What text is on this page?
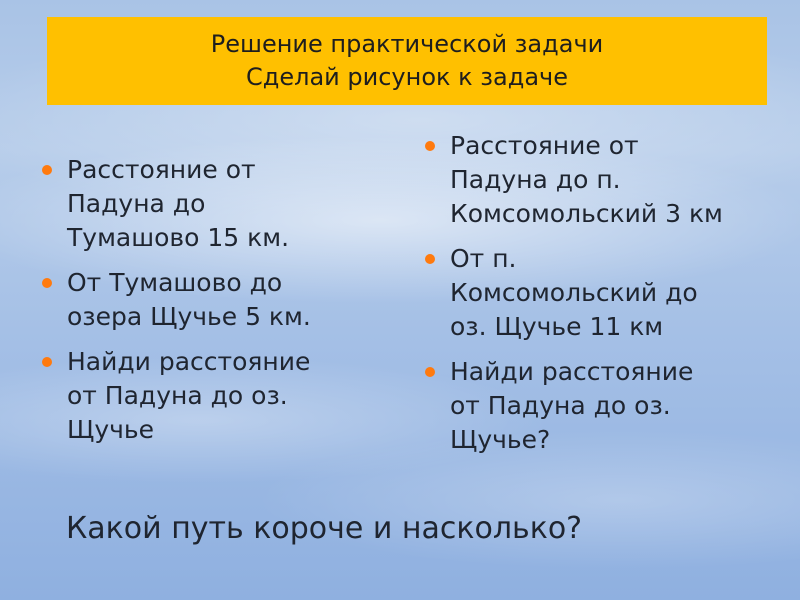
Решение практической задачи
Сделай рисунок к задаче
Расстояние от
Падуна до
Тумашово 15 км.
От Тумашово до
озера Щучье 5 км.
Найди расстояние
от Падуна до оз.
Щучье
Расстояние от
Падуна до п.
Комсомольский 3 км
От п.
Комсомольский до
оз. Щучье 11 км
Найди расстояние
от Падуна до оз.
Щучье?
Какой путь короче и насколько?
